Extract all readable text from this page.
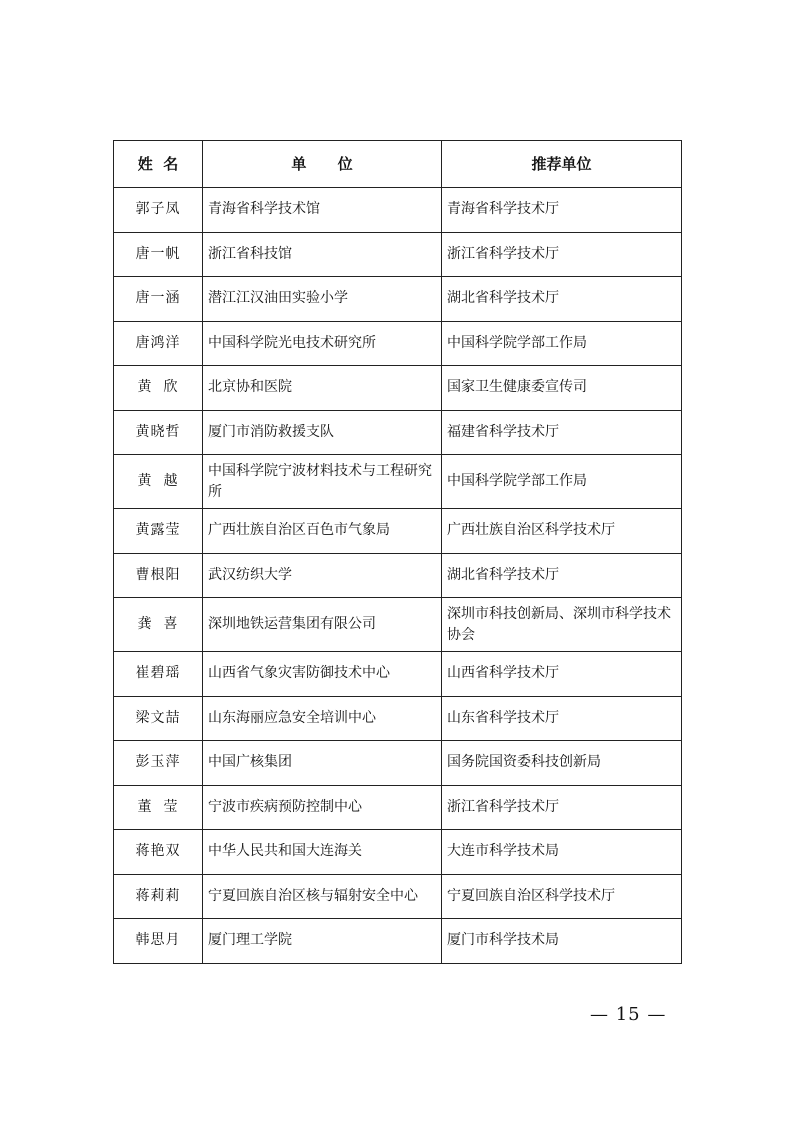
姓  名	单      位	推荐单位
郭子凤	青海省科学技术馆	青海省科学技术厅
唐一帆	浙江省科技馆	浙江省科学技术厅
唐一涵	潜江江汉油田实验小学	湖北省科学技术厅
唐鸿洋	中国科学院光电技术研究所	中国科学院学部工作局
黄  欣	北京协和医院	国家卫生健康委宣传司
黄晓哲	厦门市消防救援支队	福建省科学技术厅
黄  越	中国科学院宁波材料技术与工程研究所	中国科学院学部工作局
黄露莹	广西壮族自治区百色市气象局	广西壮族自治区科学技术厅
曹根阳	武汉纺织大学	湖北省科学技术厅
龚  喜	深圳地铁运营集团有限公司	深圳市科技创新局、深圳市科学技术协会
崔碧瑶	山西省气象灾害防御技术中心	山西省科学技术厅
梁文喆	山东海丽应急安全培训中心	山东省科学技术厅
彭玉萍	中国广核集团	国务院国资委科技创新局
董  莹	宁波市疾病预防控制中心	浙江省科学技术厅
蒋艳双	中华人民共和国大连海关	大连市科学技术局
蒋莉莉	宁夏回族自治区核与辐射安全中心	宁夏回族自治区科学技术厅
韩思月	厦门理工学院	厦门市科学技术局
— 15 —
